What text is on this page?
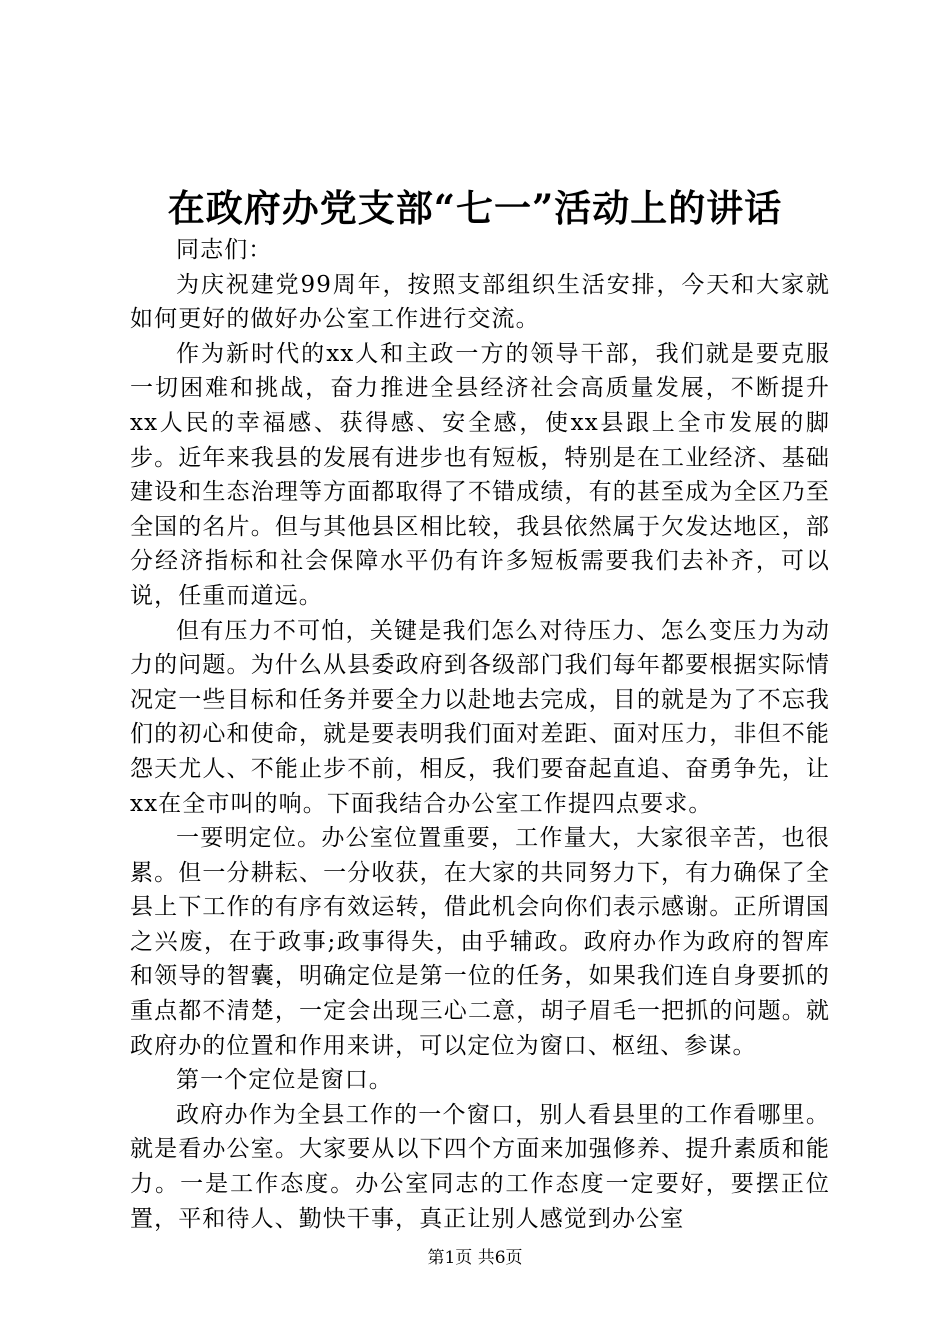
在政府办党支部“七一”活动上的讲话

同志们：

为庆祝建党99周年，按照支部组织生活安排，今天和大家就如何更好的做好办公室工作进行交流。

作为新时代的xx人和主政一方的领导干部，我们就是要克服一切困难和挑战，奋力推进全县经济社会高质量发展，不断提升xx人民的幸福感、获得感、安全感，使xx县跟上全市发展的脚步。近年来我县的发展有进步也有短板，特别是在工业经济、基础建设和生态治理等方面都取得了不错成绩，有的甚至成为全区乃至全国的名片。但与其他县区相比较，我县依然属于欠发达地区，部分经济指标和社会保障水平仍有许多短板需要我们去补齐，可以说，任重而道远。

但有压力不可怕，关键是我们怎么对待压力、怎么变压力为动力的问题。为什么从县委政府到各级部门我们每年都要根据实际情况定一些目标和任务并要全力以赴地去完成，目的就是为了不忘我们的初心和使命，就是要表明我们面对差距、面对压力，非但不能怨天尤人、不能止步不前，相反，我们要奋起直追、奋勇争先，让xx在全市叫的响。下面我结合办公室工作提四点要求。

一要明定位。办公室位置重要，工作量大，大家很辛苦，也很累。但一分耕耘、一分收获，在大家的共同努力下，有力确保了全县上下工作的有序有效运转，借此机会向你们表示感谢。正所谓国之兴废，在于政事;政事得失，由乎辅政。政府办作为政府的智库和领导的智囊，明确定位是第一位的任务，如果我们连自身要抓的重点都不清楚，一定会出现三心二意，胡子眉毛一把抓的问题。就政府办的位置和作用来讲，可以定位为窗口、枢纽、参谋。

第一个定位是窗口。

政府办作为全县工作的一个窗口，别人看县里的工作看哪里。就是看办公室。大家要从以下四个方面来加强修养、提升素质和能力。一是工作态度。办公室同志的工作态度一定要好，要摆正位置，平和待人、勤快干事，真正让别人感觉到办公室

第1页 共6页
